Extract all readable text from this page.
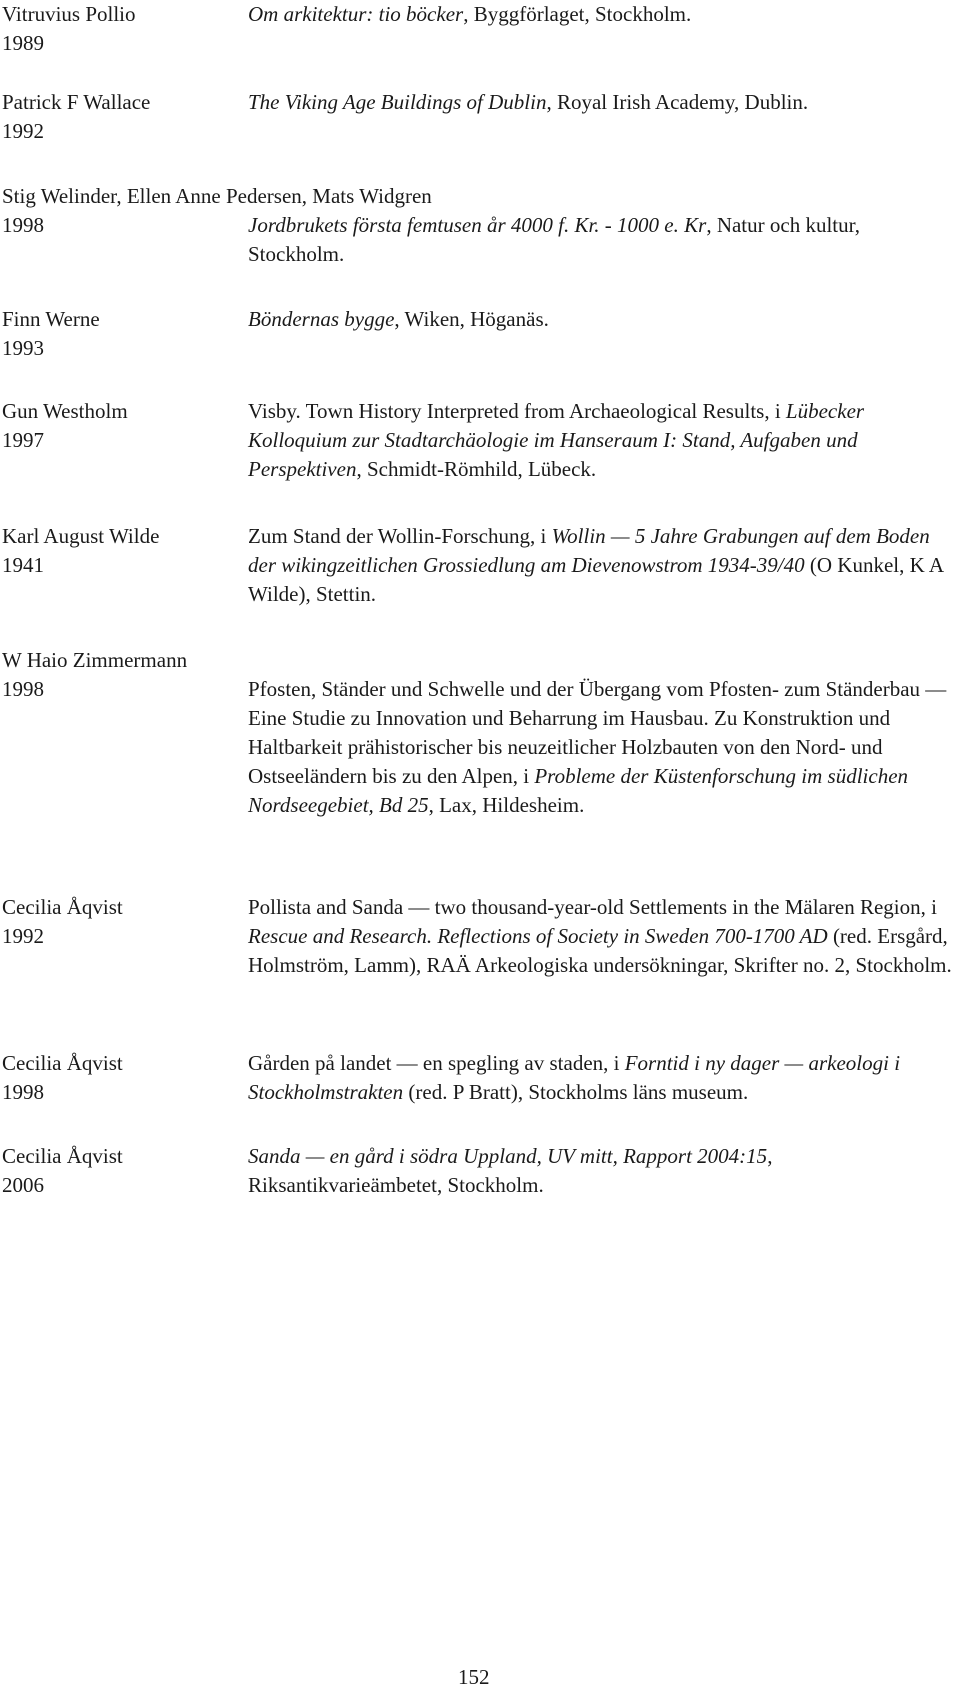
Vitruvius Pollio
1989

Om arkitektur: tio böcker, Byggförlaget, Stockholm.

Patrick F Wallace
1992

The Viking Age Buildings of Dublin, Royal Irish Academy, Dublin.

Stig Welinder, Ellen Anne Pedersen, Mats Widgren
1998	Jordbrukets första femtusen år 4000 f. Kr. - 1000 e. Kr, Natur och kultur, Stockholm.

Finn Werne
1993

Böndernas bygge, Wiken, Höganäs.

Gun Westholm
1997

Visby. Town History Interpreted from Archaeological Results, i Lübecker Kolloquium zur Stadtarchäologie im Hanseraum I: Stand, Aufgaben und Perspektiven, Schmidt-Römhild, Lübeck.

Karl August Wilde
1941

Zum Stand der Wollin-Forschung, i Wollin — 5 Jahre Grabungen auf dem Boden der wikingzeitlichen Grossiedlung am Dievenowstrom 1934-39/40 (O Kunkel, K A Wilde), Stettin.

W Haio Zimmermann
1998	Pfosten, Ständer und Schwelle und der Übergang vom Pfosten- zum Ständerbau — Eine Studie zu Innovation und Beharrung im Hausbau. Zu Konstruktion und Haltbarkeit prähistorischer bis neuzeitlicher Holzbauten von den Nord- und Ostseeländern bis zu den Alpen, i Probleme der Küstenforschung im südlichen Nordseegebiet, Bd 25, Lax, Hildesheim.

Cecilia Åqvist
1992

Pollista and Sanda — two thousand-year-old Settlements in the Mälaren Region, i Rescue and Research. Reflections of Society in Sweden 700-1700 AD (red. Ersgård, Holmström, Lamm), RAÄ Arkeologiska undersökningar, Skrifter no. 2, Stockholm.

Cecilia Åqvist
1998

Gården på landet — en spegling av staden, i Forntid i ny dager — arkeologi i Stockholmstrakten (red. P Bratt), Stockholms läns museum.

Cecilia Åqvist
2006

Sanda — en gård i södra Uppland, UV mitt, Rapport 2004:15, Riksantikvarieämbetet, Stockholm.

152
